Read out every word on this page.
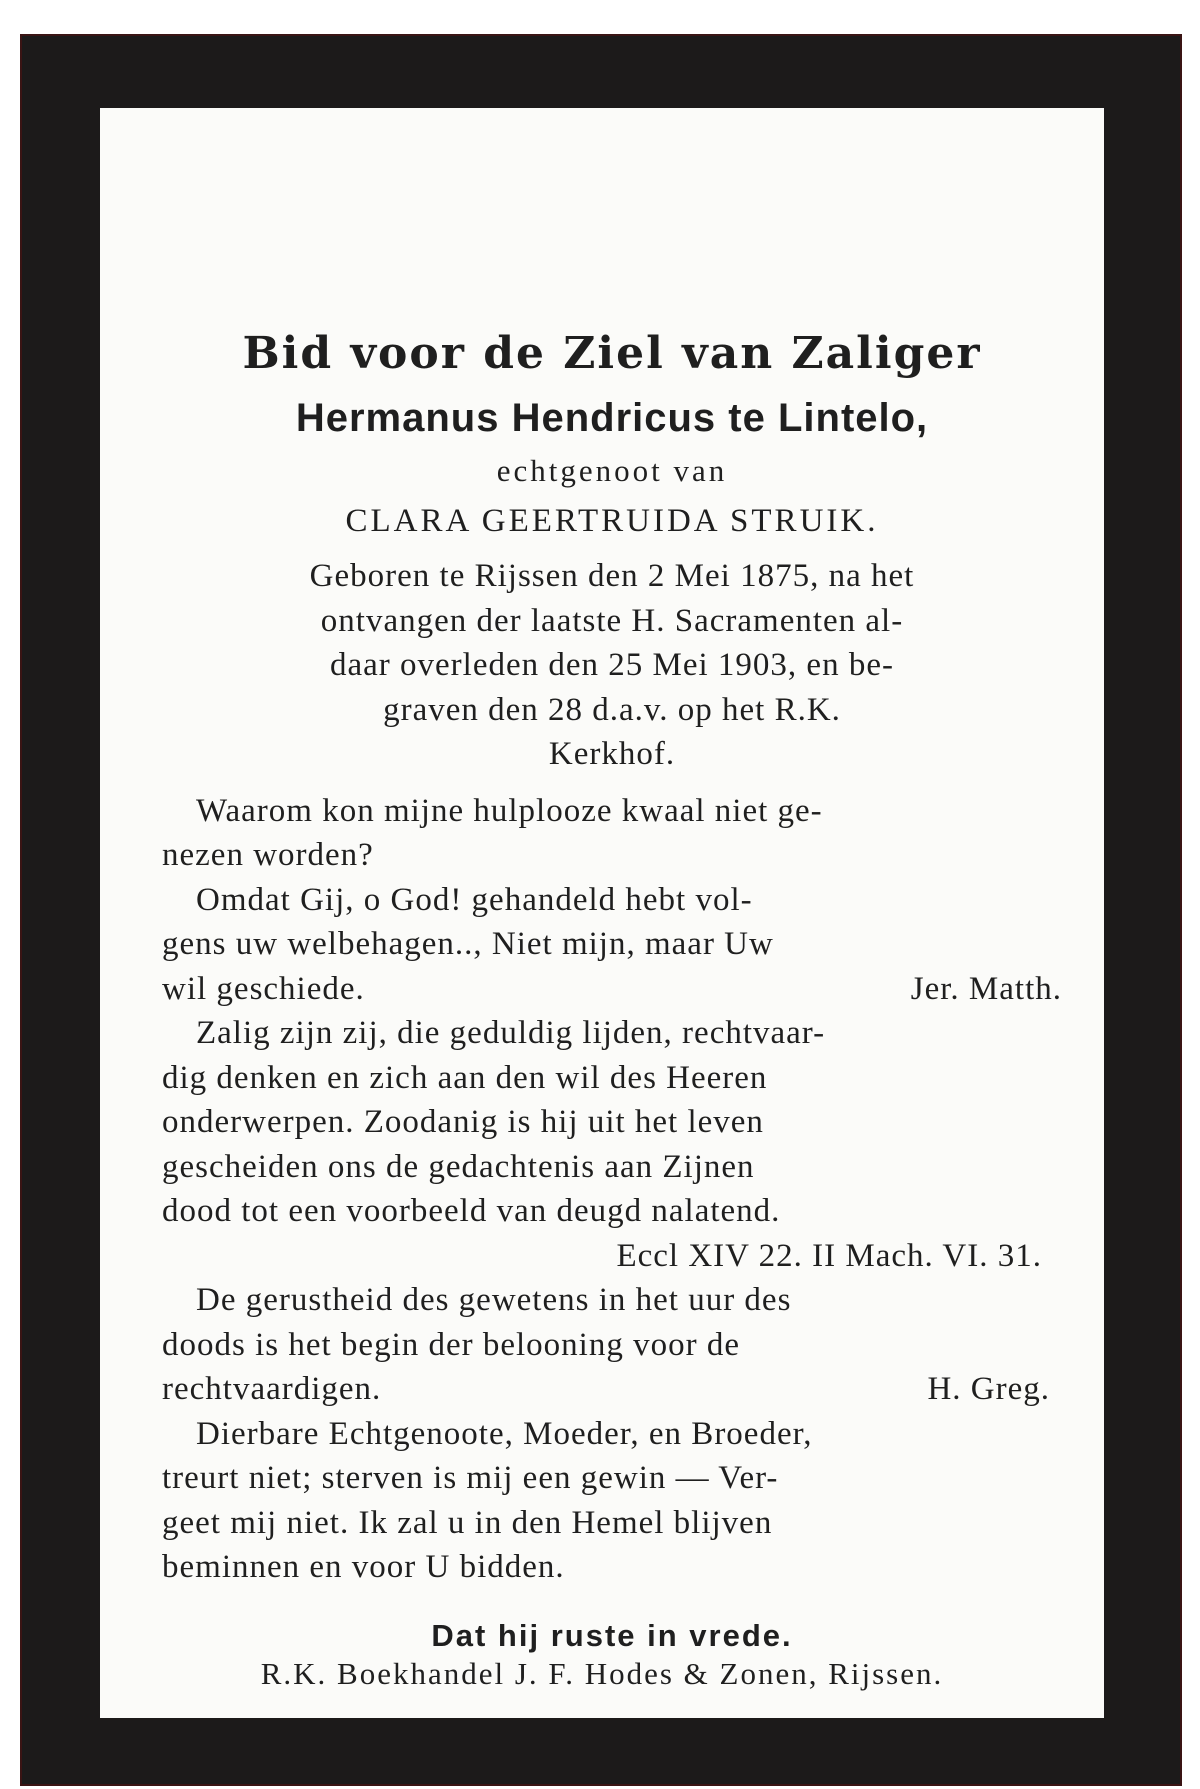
Bid voor de Ziel van Zaliger

Hermanus Hendricus te Lintelo,

echtgenoot van

CLARA GEERTRUIDA STRUIK.

Geboren te Rijssen den 2 Mei 1875, na het

ontvangen der laatste H. Sacramenten al-

daar overleden den 25 Mei 1903, en be-

graven den 28 d.a.v. op het R.K.

Kerkhof.

Waarom kon mijne hulplooze kwaal niet ge-

nezen worden?

Omdat Gij, o God! gehandeld hebt vol-

gens uw welbehagen.., Niet mijn, maar Uw

wil geschiede.	Jer. Matth.

Zalig zijn zij, die geduldig lijden, rechtvaar-

dig denken en zich aan den wil des Heeren

onderwerpen. Zoodanig is hij uit het leven

gescheiden ons de gedachtenis aan Zijnen

dood tot een voorbeeld van deugd nalatend.

Eccl XIV 22. II Mach. VI. 31.

De gerustheid des gewetens in het uur des

doods is het begin der belooning voor de

rechtvaardigen.	H. Greg.

Dierbare Echtgenoote, Moeder, en Broeder,

treurt niet; sterven is mij een gewin — Ver-

geet mij niet. Ik zal u in den Hemel blijven

beminnen en voor U bidden.

Dat hij ruste in vrede.

R.K. Boekhandel J. F. Hodes & Zonen, Rijssen.
